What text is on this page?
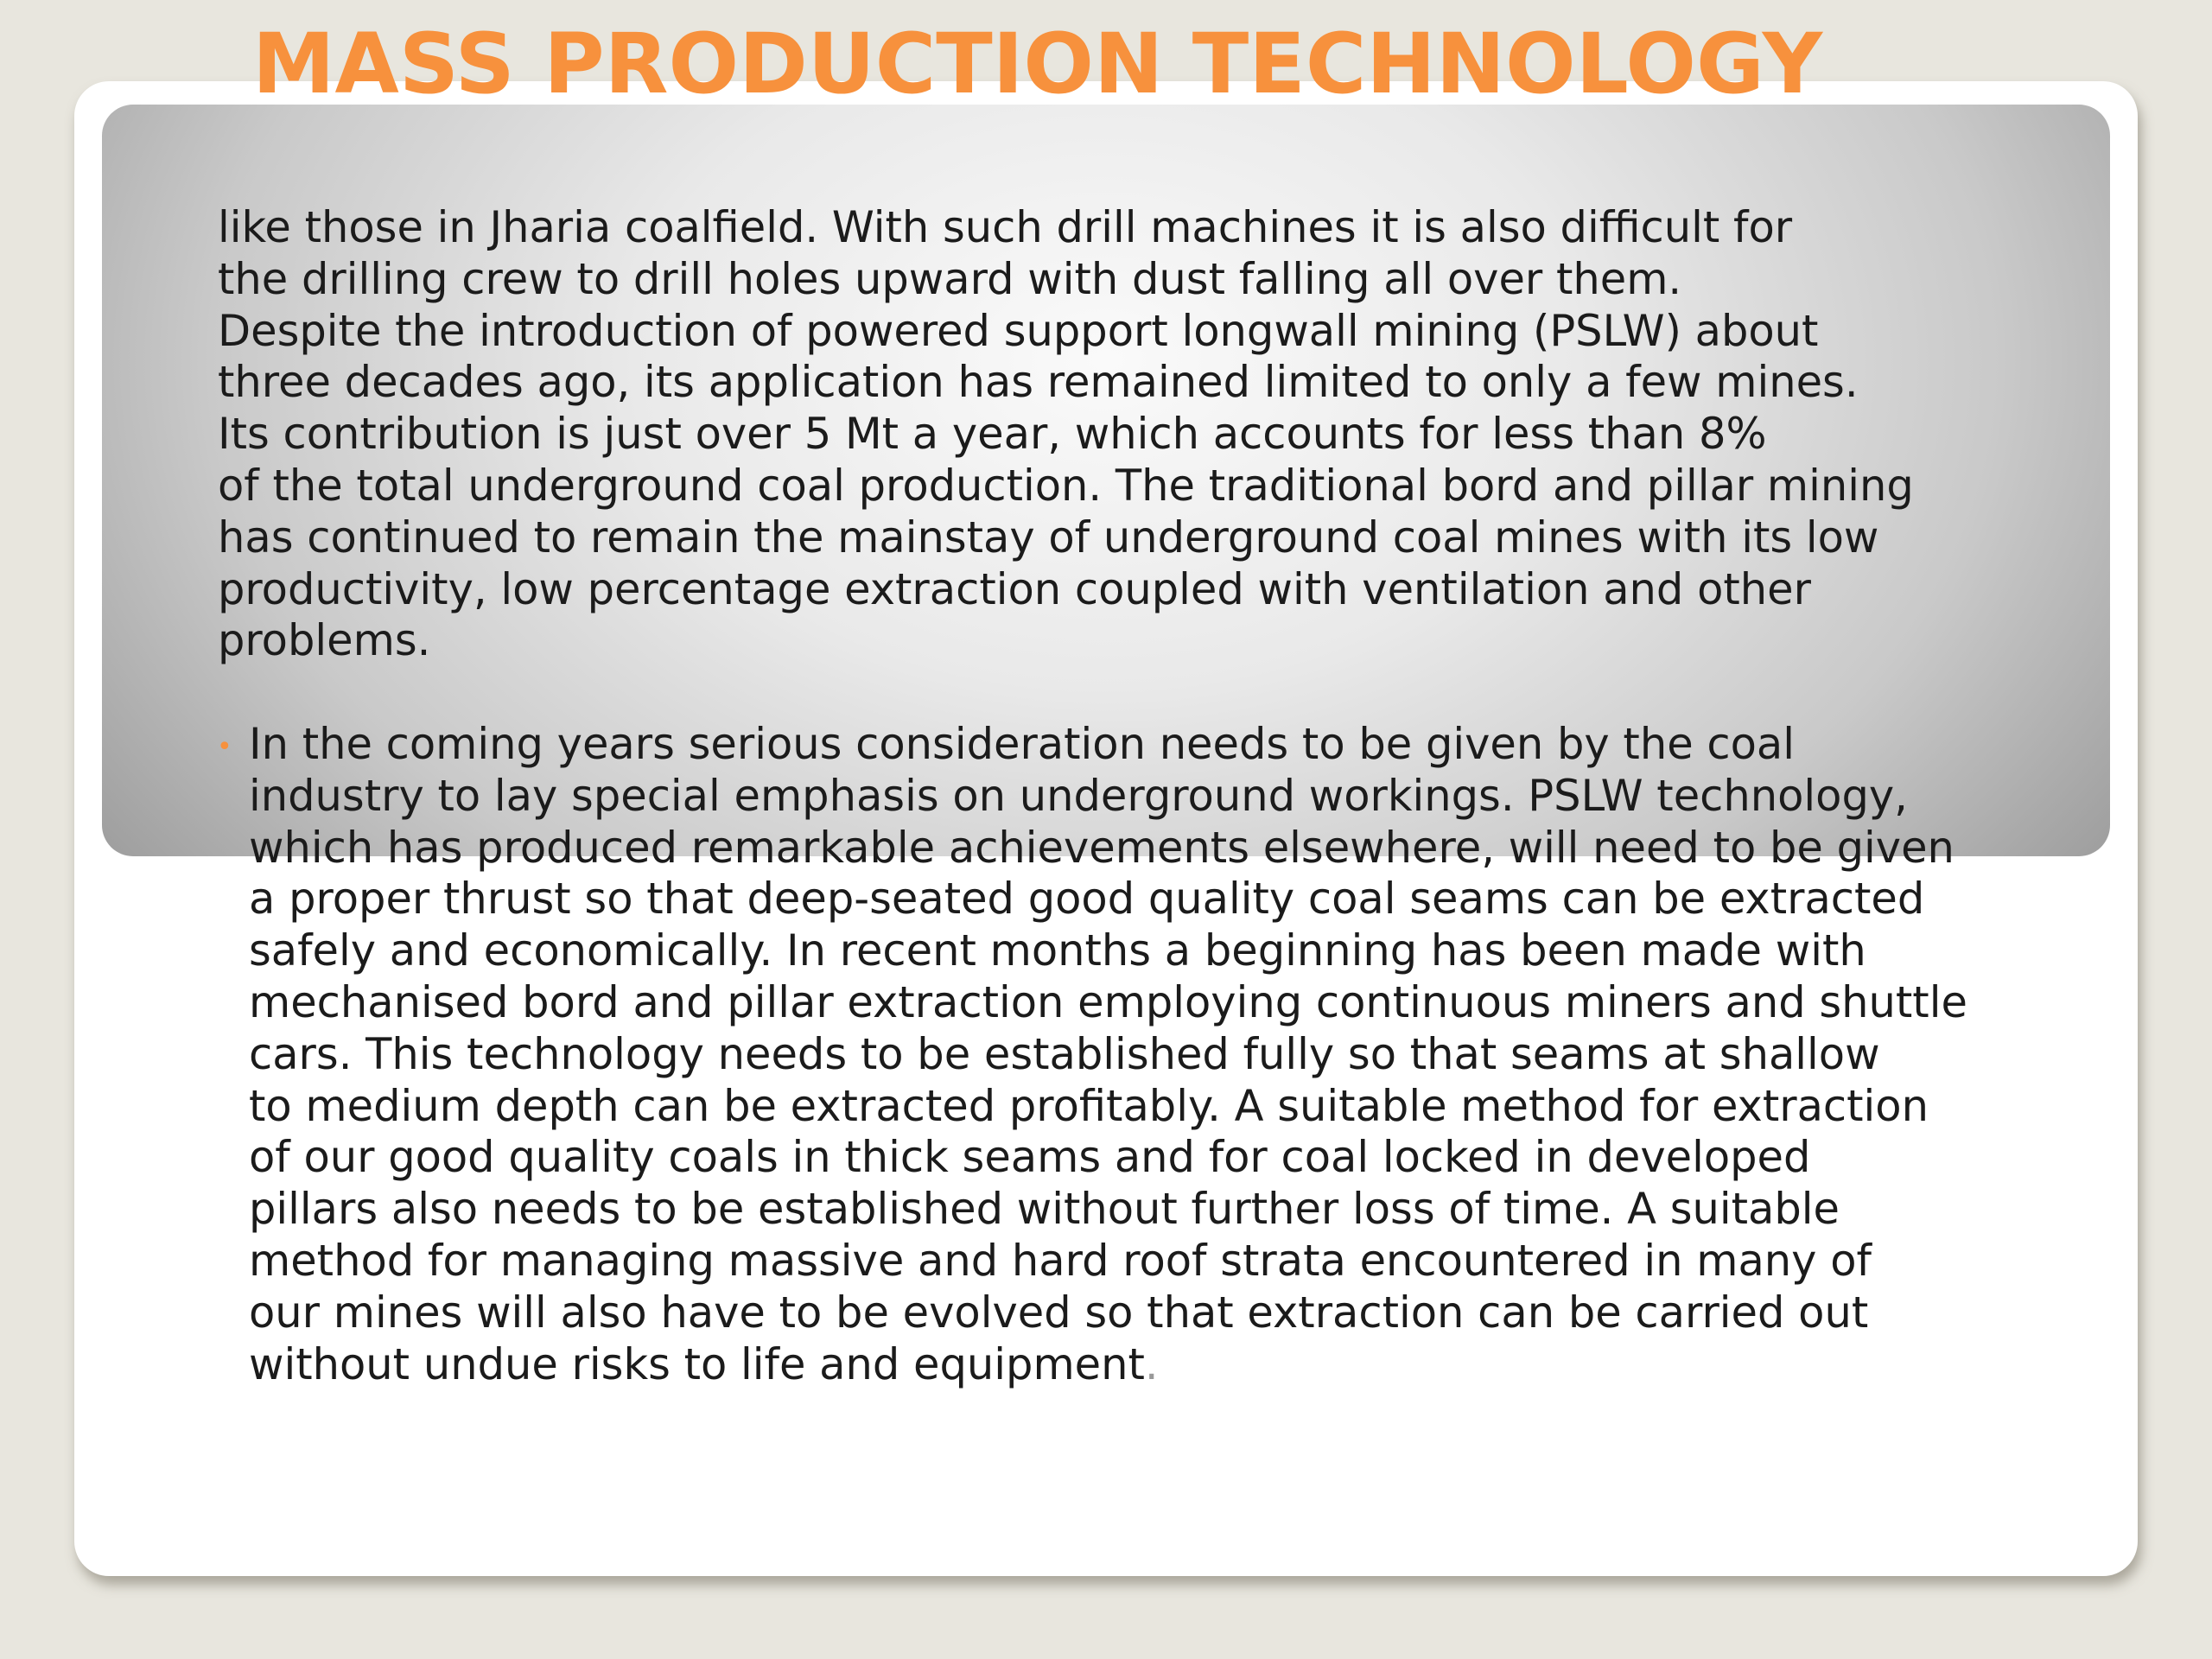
MASS PRODUCTION TECHNOLOGY

like those in Jharia coalfield. With such drill machines it is also difficult for
the drilling crew to drill holes upward with dust falling all over them.
Despite the introduction of powered support longwall mining (PSLW) about
three decades ago, its application has remained limited to only a few mines.
Its contribution is just over 5 Mt a year, which accounts for less than 8%
of the total underground coal production. The traditional bord and pillar mining
has continued to remain the mainstay of underground coal mines with its low
productivity, low percentage extraction coupled with ventilation and other
problems.

• In the coming years serious consideration needs to be given by the coal
industry to lay special emphasis on underground workings. PSLW technology,
which has produced remarkable achievements elsewhere, will need to be given
a proper thrust so that deep-seated good quality coal seams can be extracted
safely and economically. In recent months a beginning has been made with
mechanised bord and pillar extraction employing continuous miners and shuttle
cars. This technology needs to be established fully so that seams at shallow
to medium depth can be extracted profitably. A suitable method for extraction
of our good quality coals in thick seams and for coal locked in developed
pillars also needs to be established without further loss of time. A suitable
method for managing massive and hard roof strata encountered in many of
our mines will also have to be evolved so that extraction can be carried out
without undue risks to life and equipment.
